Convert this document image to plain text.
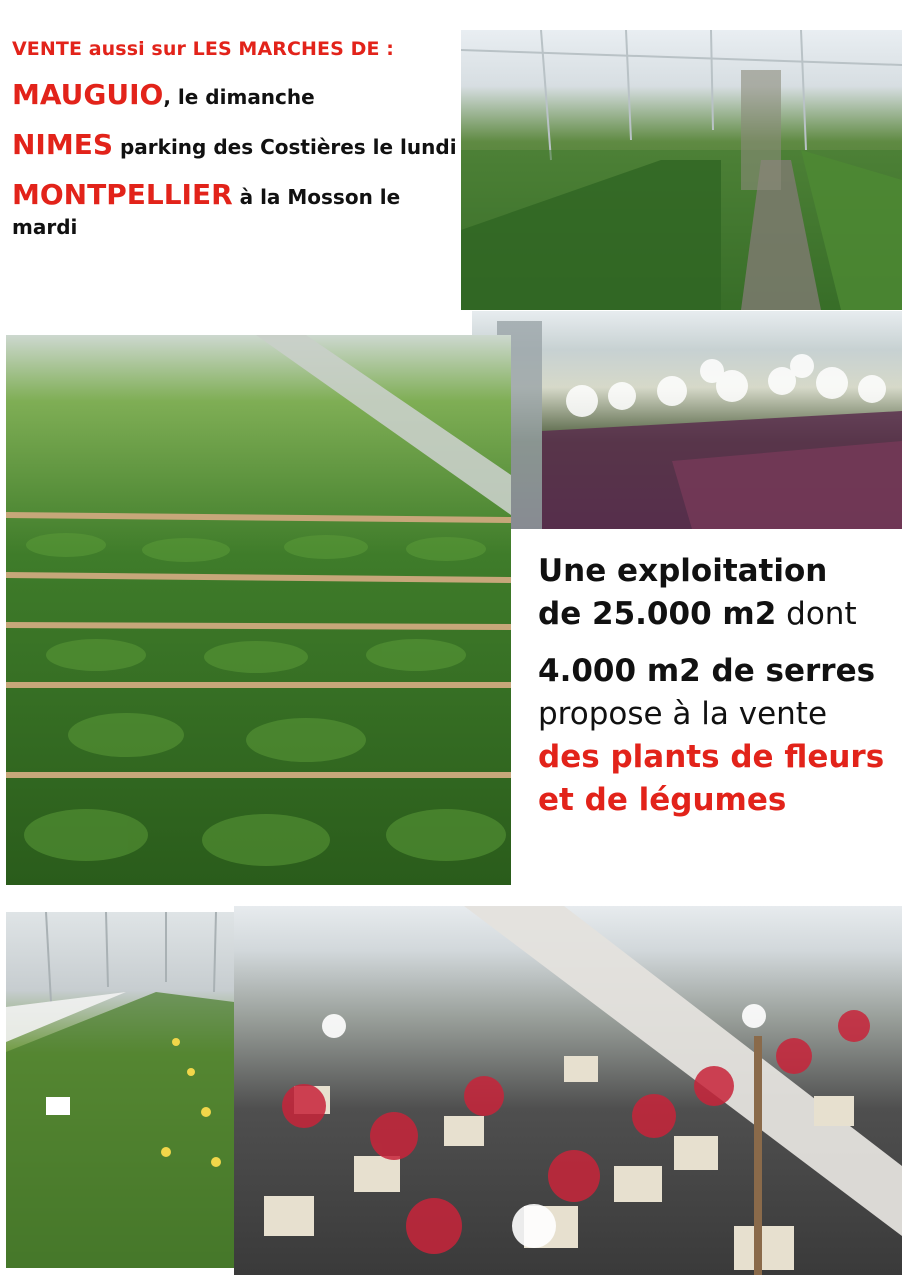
VENTE aussi sur LES MARCHES DE :

MAUGUIO, le dimanche

NIMES parking des Costières le lundi

MONTPELLIER à la Mosson le mardi

Une exploitation

de 25.000 m2 dont

4.000 m2 de serres

propose à la vente

des plants de fleurs

et de légumes
